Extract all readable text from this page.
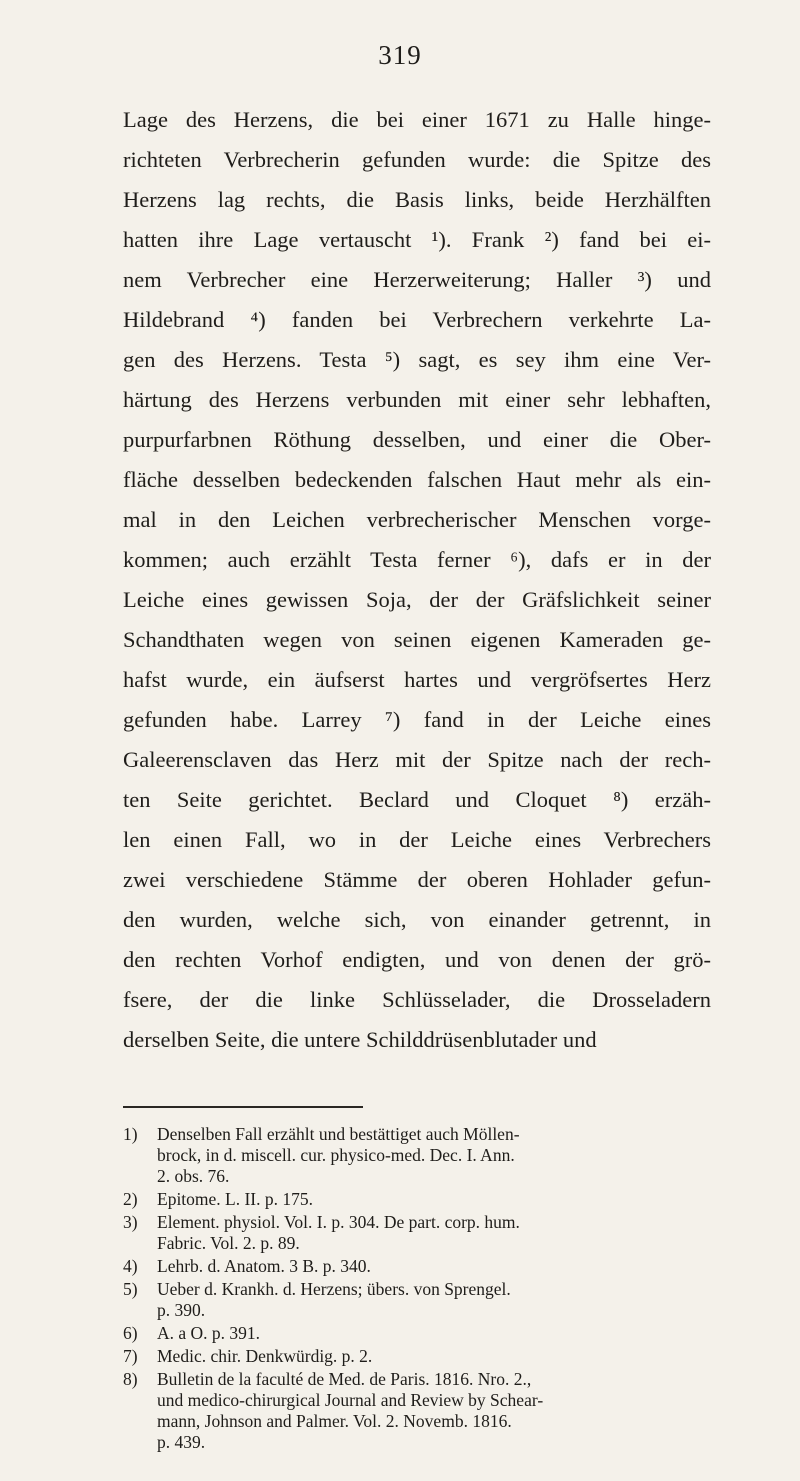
319
Lage des Herzens, die bei einer 1671 zu Halle hinge-
richteten Verbrecherin gefunden wurde: die Spitze des
Herzens lag rechts, die Basis links, beide Herzhälften
hatten ihre Lage vertauscht ¹). Frank ²) fand bei ei-
nem Verbrecher eine Herzerweiterung; Haller ³) und
Hildebrand ⁴) fanden bei Verbrechern verkehrte La-
gen des Herzens. Testa ⁵) sagt, es sey ihm eine Ver-
härtung des Herzens verbunden mit einer sehr lebhaften,
purpurfarbnen Röthung desselben, und einer die Ober-
fläche desselben bedeckenden falschen Haut mehr als ein-
mal in den Leichen verbrecherischer Menschen vorge-
kommen; auch erzählt Testa ferner ⁶), dafs er in der
Leiche eines gewissen Soja, der der Gräfslichkeit seiner
Schandthaten wegen von seinen eigenen Kameraden ge-
hafst wurde, ein äufserst hartes und vergröfsertes Herz
gefunden habe. Larrey ⁷) fand in der Leiche eines
Galeerensclaven das Herz mit der Spitze nach der rech-
ten Seite gerichtet. Beclard und Cloquet ⁸) erzäh-
len einen Fall, wo in der Leiche eines Verbrechers
zwei verschiedene Stämme der oberen Hohlader gefun-
den wurden, welche sich, von einander getrennt, in
den rechten Vorhof endigten, und von denen der grö-
fsere, der die linke Schlüsselader, die Drosseladern
derselben Seite, die untere Schilddrüsenblutader und
1)	Denselben Fall erzählt und bestättiget auch Möllen-
brock, in d. miscell. cur. physico-med. Dec. I. Ann.
2. obs. 76.
2)	Epitome. L. II. p. 175.
3)	Element. physiol. Vol. I. p. 304. De part. corp. hum.
Fabric. Vol. 2. p. 89.
4)	Lehrb. d. Anatom. 3 B. p. 340.
5)	Ueber d. Krankh. d. Herzens; übers. von Sprengel.
p. 390.
6)	A. a O. p. 391.
7)	Medic. chir. Denkwürdig. p. 2.
8)	Bulletin de la faculté de Med. de Paris. 1816. Nro. 2.,
und medico-chirurgical Journal and Review by Schear-
mann, Johnson and Palmer. Vol. 2. Novemb. 1816.
p. 439.
